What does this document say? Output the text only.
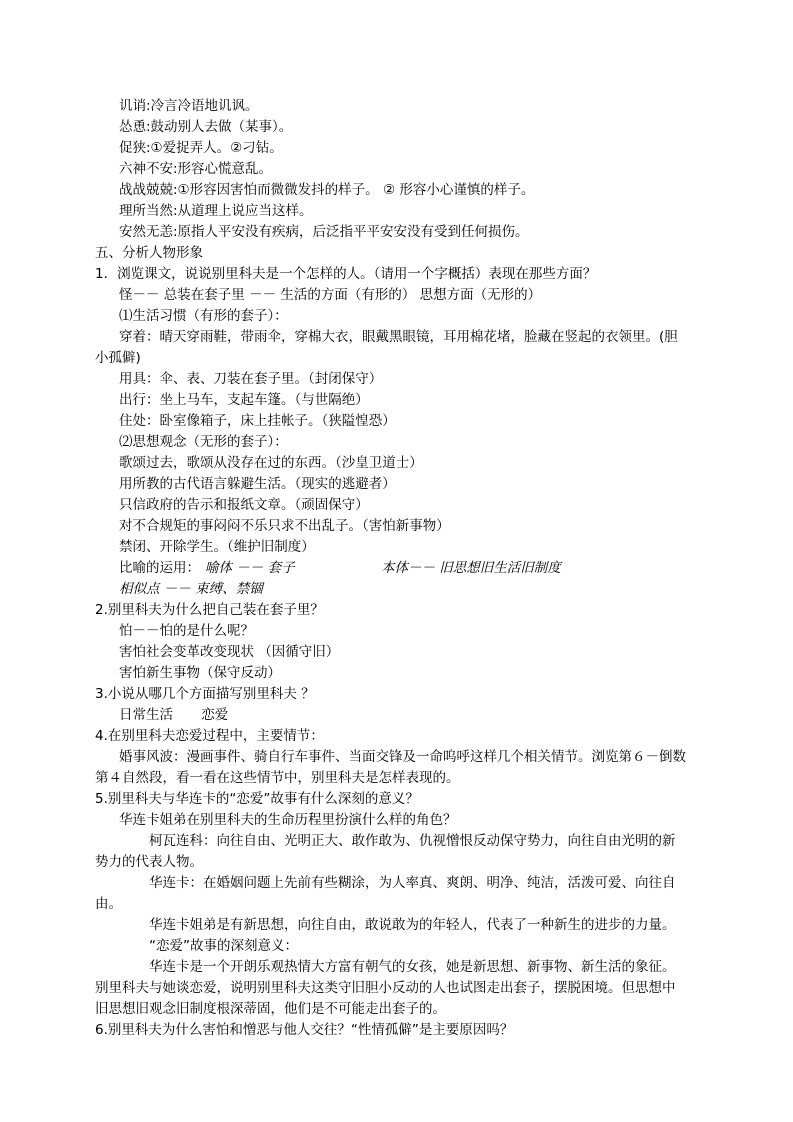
讥诮:冷言冷语地讥讽。
怂恿:鼓动别人去做（某事）。
促狭:①爱捉弄人。②刁钻。
六神不安:形容心慌意乱。
战战兢兢:①形容因害怕而微微发抖的样子。 ② 形容小心谨慎的样子。
理所当然:从道理上说应当这样。
安然无恙:原指人平安没有疾病，后泛指平平安安没有受到任何损伤。
五、分析人物形象
1．浏览课文，说说别里科夫是一个怎样的人。（请用一个字概括）表现在那些方面？
怪－－ 总装在套子里 －－ 生活的方面（有形的） 思想方面（无形的）
⑴生活习惯（有形的套子）：
穿着：晴天穿雨鞋，带雨伞，穿棉大衣，眼戴黑眼镜，耳用棉花堵，脸藏在竖起的衣领里。(胆
小孤僻)
用具：伞、表、刀装在套子里。（封闭保守）
出行：坐上马车，支起车篷。（与世隔绝）
住处：卧室像箱子，床上挂帐子。（狭隘惶恐）
⑵思想观念（无形的套子）：
歌颂过去，歌颂从没存在过的东西。（沙皇卫道士）
用所教的古代语言躲避生活。（现实的逃避者）
只信政府的告示和报纸文章。（顽固保守）
对不合规矩的事闷闷不乐只求不出乱子。（害怕新事物）
禁闭、开除学生。（维护旧制度）
比喻的运用： 喻体 －－ 套子	本体－－ 旧思想旧生活旧制度
相似点 －－ 束缚、禁锢
2.别里科夫为什么把自己装在套子里？
怕－－怕的是什么呢？
害怕社会变革改变现状 （因循守旧）
害怕新生事物（保守反动）
3.小说从哪几个方面描写别里科夫 ？
日常生活 恋爱
4.在别里科夫恋爱过程中，主要情节：
婚事风波：漫画事件、骑自行车事件、当面交锋及一命呜呼这样几个相关情节。浏览第６－倒数
第４自然段，看一看在这些情节中，别里科夫是怎样表现的。
5.别里科夫与华连卡的“恋爱”故事有什么深刻的意义？
华连卡姐弟在别里科夫的生命历程里扮演什么样的角色？
柯瓦连科：向往自由、光明正大、敢作敢为、仇视憎恨反动保守势力，向往自由光明的新
势力的代表人物。
华连卡：在婚姻问题上先前有些糊涂，为人率真、爽朗、明净、纯洁，活泼可爱、向往自
由。
华连卡姐弟是有新思想，向往自由，敢说敢为的年轻人，代表了一种新生的进步的力量。
“恋爱”故事的深刻意义：
华连卡是一个开朗乐观热情大方富有朝气的女孩，她是新思想、新事物、新生活的象征。
别里科夫与她谈恋爱，说明别里科夫这类守旧胆小反动的人也试图走出套子，摆脱困境。但思想中
旧思想旧观念旧制度根深蒂固，他们是不可能走出套子的。
6.别里科夫为什么害怕和憎恶与他人交往？“性情孤僻”是主要原因吗？
